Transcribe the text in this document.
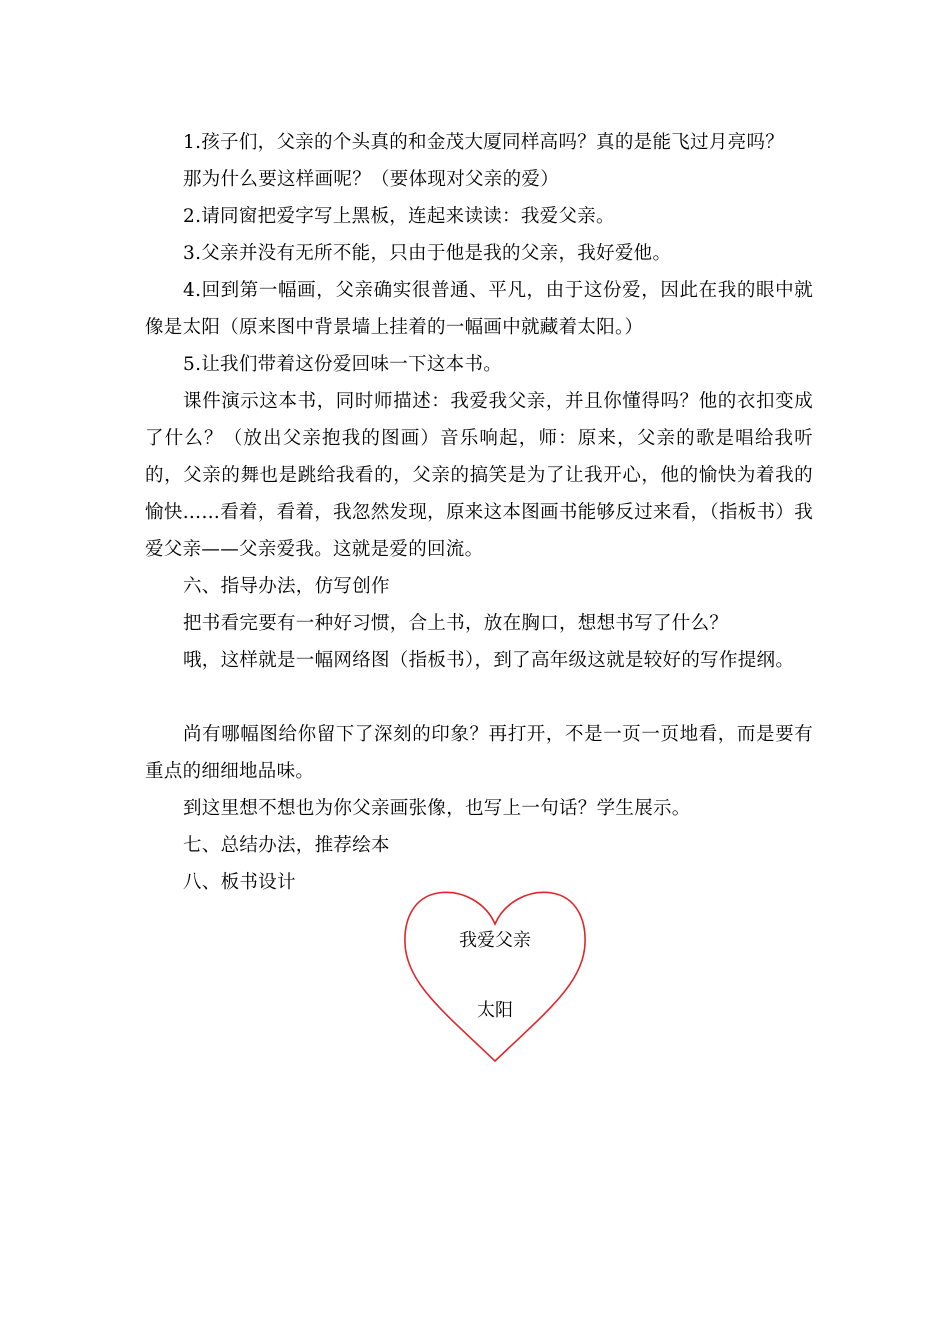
1.孩子们，父亲的个头真的和金茂大厦同样高吗？真的是能飞过月亮吗？

那为什么要这样画呢？（要体现对父亲的爱）

2.请同窗把爱字写上黑板，连起来读读：我爱父亲。

3.父亲并没有无所不能，只由于他是我的父亲，我好爱他。

4.回到第一幅画，父亲确实很普通、平凡，由于这份爱，因此在我的眼中就像是太阳（原来图中背景墙上挂着的一幅画中就藏着太阳。）

5.让我们带着这份爱回味一下这本书。

课件演示这本书，同时师描述：我爱我父亲，并且你懂得吗？他的衣扣变成了什么？（放出父亲抱我的图画）音乐响起，师：原来，父亲的歌是唱给我听的，父亲的舞也是跳给我看的，父亲的搞笑是为了让我开心，他的愉快为着我的愉快……看着，看着，我忽然发现，原来这本图画书能够反过来看，（指板书）我爱父亲——父亲爱我。这就是爱的回流。

六、指导办法，仿写创作

把书看完要有一种好习惯，合上书，放在胸口，想想书写了什么？

哦，这样就是一幅网络图（指板书），到了高年级这就是较好的写作提纲。

尚有哪幅图给你留下了深刻的印象？再打开，不是一页一页地看，而是要有重点的细细地品味。

到这里想不想也为你父亲画张像，也写上一句话？学生展示。

七、总结办法，推荐绘本

八、板书设计

我爱父亲
太阳
